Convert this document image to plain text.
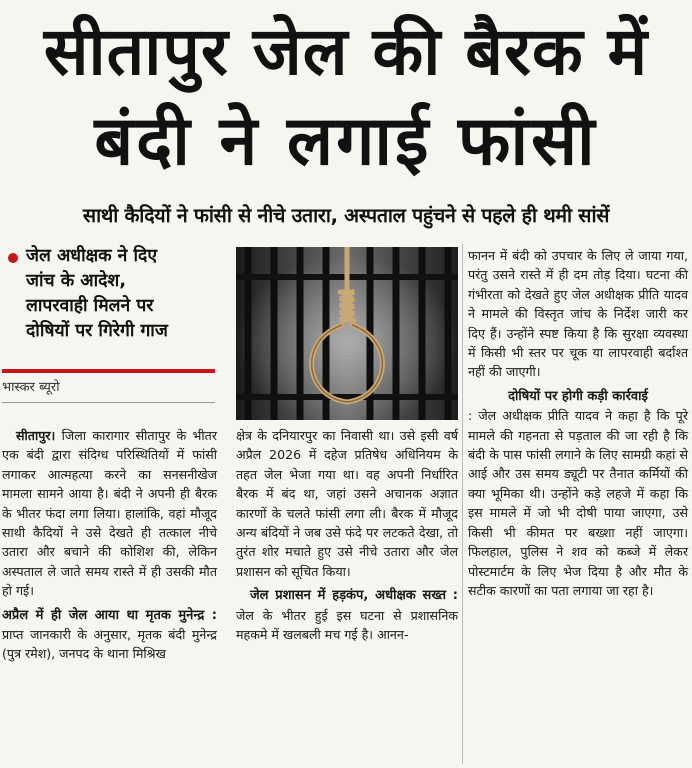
सीतापुर जेल की बैरक में
बंदी ने लगाई फांसी
साथी कैदियों ने फांसी से नीचे उतारा, अस्पताल पहुंचने से पहले ही थमी सांसें
जेल अधीक्षक ने दिए
जांच के आदेश,
लापरवाही मिलने पर
दोषियों पर गिरेगी गाज
भास्कर ब्यूरो
सीतापुर। जिला कारागार सीतापुर के भीतर एक बंदी द्वारा संदिग्ध परिस्थितियों में फांसी लगाकर आत्महत्या करने का सनसनीखेज मामला सामने आया है। बंदी ने अपनी ही बैरक के भीतर फंदा लगा लिया। हालांकि, वहां मौजूद साथी कैदियों ने उसे देखते ही तत्काल नीचे उतारा और बचाने की कोशिश की, लेकिन अस्पताल ले जाते समय रास्ते में ही उसकी मौत हो गई।
अप्रैल में ही जेल आया था मृतक मुनेन्द्र : प्राप्त जानकारी के अनुसार, मृतक बंदी मुनेन्द्र (पुत्र रमेश), जनपद के थाना मिश्रिख
क्षेत्र के दनियारपुर का निवासी था। उसे इसी वर्ष अप्रैल 2026 में दहेज प्रतिषेध अधिनियम के तहत जेल भेजा गया था। वह अपनी निर्धारित बैरक में बंद था, जहां उसने अचानक अज्ञात कारणों के चलते फांसी लगा ली। बैरक में मौजूद अन्य बंदियों ने जब उसे फंदे पर लटकते देखा, तो तुरंत शोर मचाते हुए उसे नीचे उतारा और जेल प्रशासन को सूचित किया।
जेल प्रशासन में हड़कंप, अधीक्षक सख्त : जेल के भीतर हुई इस घटना से प्रशासनिक महकमे में खलबली मच गई है। आनन-
फानन में बंदी को उपचार के लिए ले जाया गया, परंतु उसने रास्ते में ही दम तोड़ दिया। घटना की गंभीरता को देखते हुए जेल अधीक्षक प्रीति यादव ने मामले की विस्तृत जांच के निर्देश जारी कर दिए हैं। उन्होंने स्पष्ट किया है कि सुरक्षा व्यवस्था में किसी भी स्तर पर चूक या लापरवाही बर्दाश्त नहीं की जाएगी।
दोषियों पर होगी कड़ी कार्रवाई
: जेल अधीक्षक प्रीति यादव ने कहा है कि पूरे मामले की गहनता से पड़ताल की जा रही है कि बंदी के पास फांसी लगाने के लिए सामग्री कहां से आई और उस समय ड्यूटी पर तैनात कर्मियों की क्या भूमिका थी। उन्होंने कड़े लहजे में कहा कि इस मामले में जो भी दोषी पाया जाएगा, उसे किसी भी कीमत पर बख्शा नहीं जाएगा। फिलहाल, पुलिस ने शव को कब्जे में लेकर पोस्टमार्टम के लिए भेज दिया है और मौत के सटीक कारणों का पता लगाया जा रहा है।
